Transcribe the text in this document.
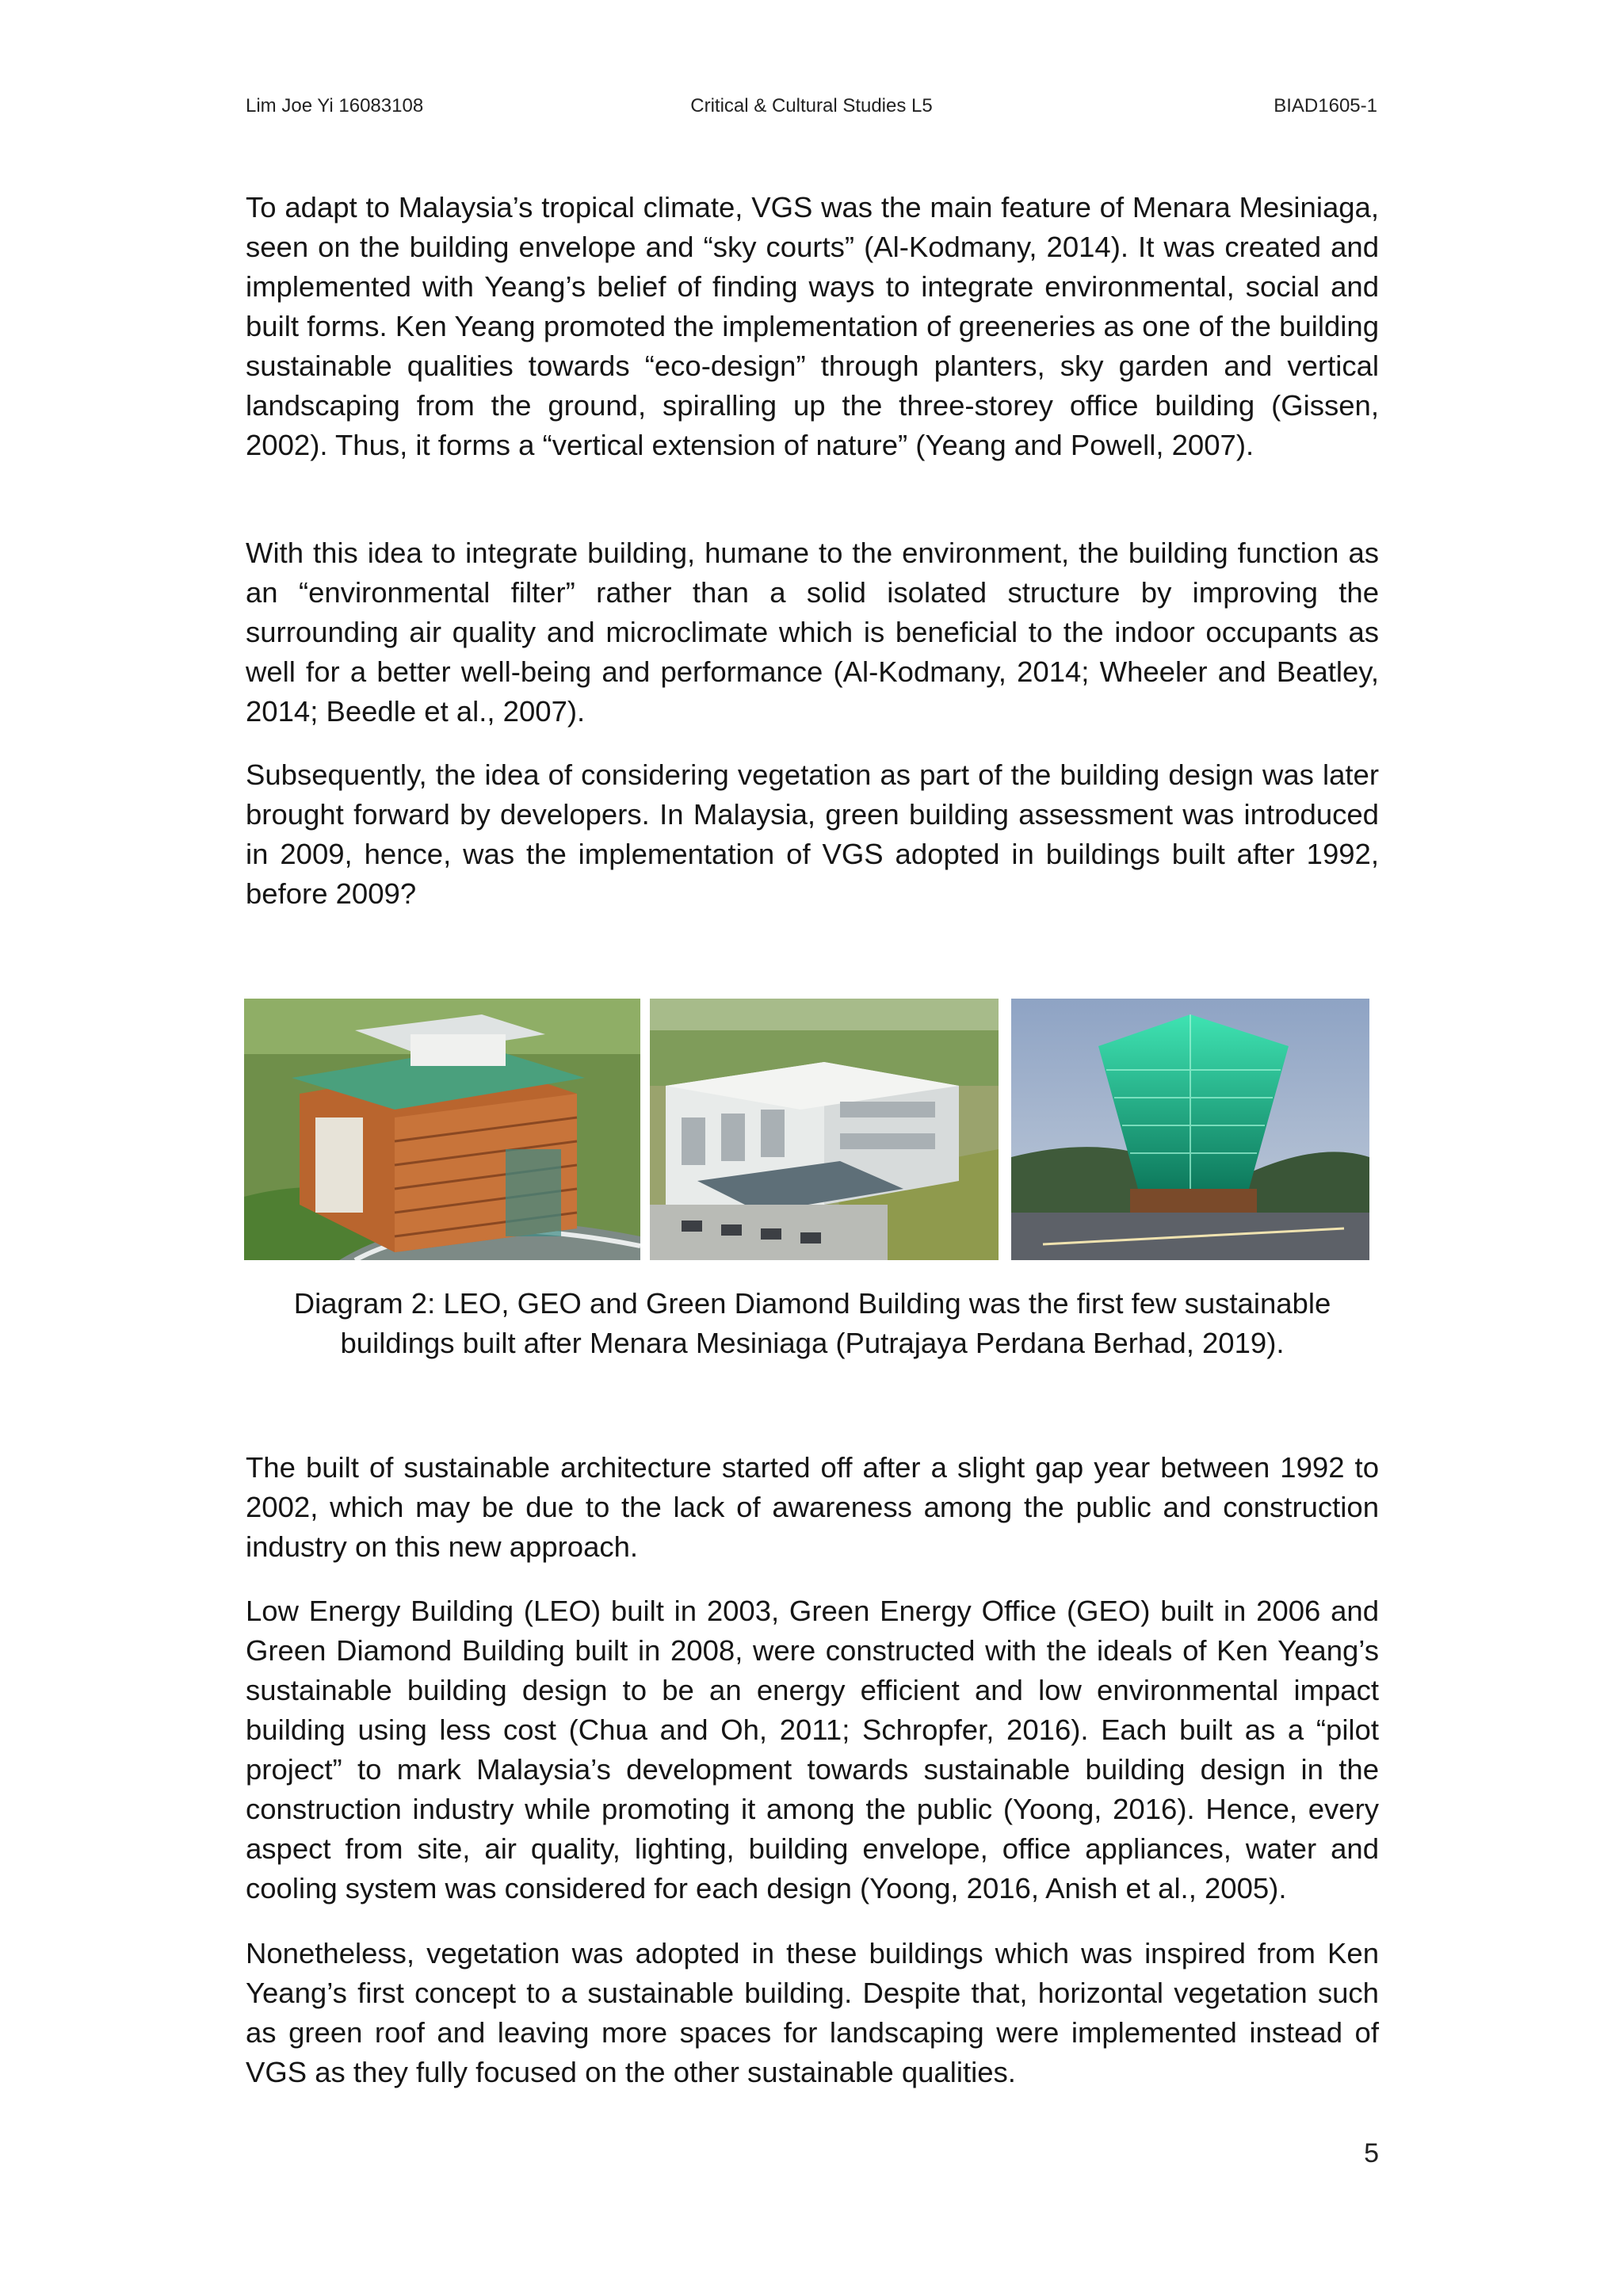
Lim Joe Yi 16083108	Critical & Cultural Studies L5	BIAD1605-1

To adapt to Malaysia’s tropical climate, VGS was the main feature of Menara Mesiniaga, seen on the building envelope and “sky courts” (Al-Kodmany, 2014). It was created and implemented with Yeang’s belief of finding ways to integrate environmental, social and built forms. Ken Yeang promoted the implementation of greeneries as one of the building sustainable qualities towards “eco-design” through planters, sky garden and vertical landscaping from the ground, spiralling up the three-storey office building (Gissen, 2002). Thus, it forms a “vertical extension of nature” (Yeang and Powell, 2007).

With this idea to integrate building, humane to the environment, the building function as an “environmental filter” rather than a solid isolated structure by improving the surrounding air quality and microclimate which is beneficial to the indoor occupants as well for a better well-being and performance (Al-Kodmany, 2014; Wheeler and Beatley, 2014; Beedle et al., 2007).

Subsequently, the idea of considering vegetation as part of the building design was later brought forward by developers. In Malaysia, green building assessment was introduced in 2009, hence, was the implementation of VGS adopted in buildings built after 1992, before 2009?

Diagram 2: LEO, GEO and Green Diamond Building was the first few sustainable buildings built after Menara Mesiniaga (Putrajaya Perdana Berhad, 2019).

The built of sustainable architecture started off after a slight gap year between 1992 to 2002, which may be due to the lack of awareness among the public and construction industry on this new approach.

Low Energy Building (LEO) built in 2003, Green Energy Office (GEO) built in 2006 and Green Diamond Building built in 2008, were constructed with the ideals of Ken Yeang’s sustainable building design to be an energy efficient and low environmental impact building using less cost (Chua and Oh, 2011; Schropfer, 2016). Each built as a “pilot project” to mark Malaysia’s development towards sustainable building design in the construction industry while promoting it among the public (Yoong, 2016). Hence, every aspect from site, air quality, lighting, building envelope, office appliances, water and cooling system was considered for each design (Yoong, 2016, Anish et al., 2005).

Nonetheless, vegetation was adopted in these buildings which was inspired from Ken Yeang’s first concept to a sustainable building. Despite that, horizontal vegetation such as green roof and leaving more spaces for landscaping were implemented instead of VGS as they fully focused on the other sustainable qualities.

5
